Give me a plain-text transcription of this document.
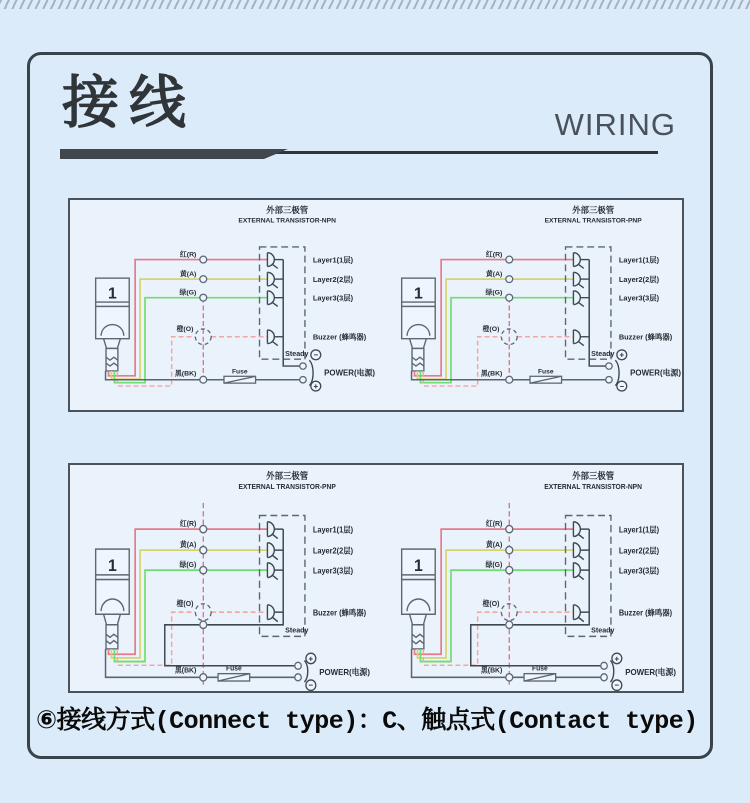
接线	WIRING
外部三极管
EXTERNAL TRANSISTOR-NPN
1
Fuse
Layer1(1层)
Layer2(2层)
Layer3(3层)
Buzzer (蜂鸣器)
Steady −
+
POWER(电源)
红(R)
黄(A)
绿(G)
橙(O)
黑(BK)
外部三极管
EXTERNAL TRANSISTOR-PNP
1
Fuse
Layer1(1层)
Layer2(2层)
Layer3(3层)
Buzzer (蜂鸣器)
Steady +
−
POWER(电源)
红(R)
黄(A)
绿(G)
橙(O)
黑(BK)
外部三极管
EXTERNAL TRANSISTOR-PNP
1
Fuse
Layer1(1层)
Layer2(2层)
Layer3(3层)
Buzzer (蜂鸣器)
Steady
+
−
POWER(电源)
红(R)
黄(A)
绿(G)
橙(O)
黑(BK)
外部三极管
EXTERNAL TRANSISTOR-NPN
1
Fuse
Layer1(1层)
Layer2(2层)
Layer3(3层)
Buzzer (蜂鸣器)
Steady
+
−
POWER(电源)
红(R)
黄(A)
绿(G)
橙(O)
黑(BK)
⑥接线方式(Connect type)：C、触点式(Contact type)
